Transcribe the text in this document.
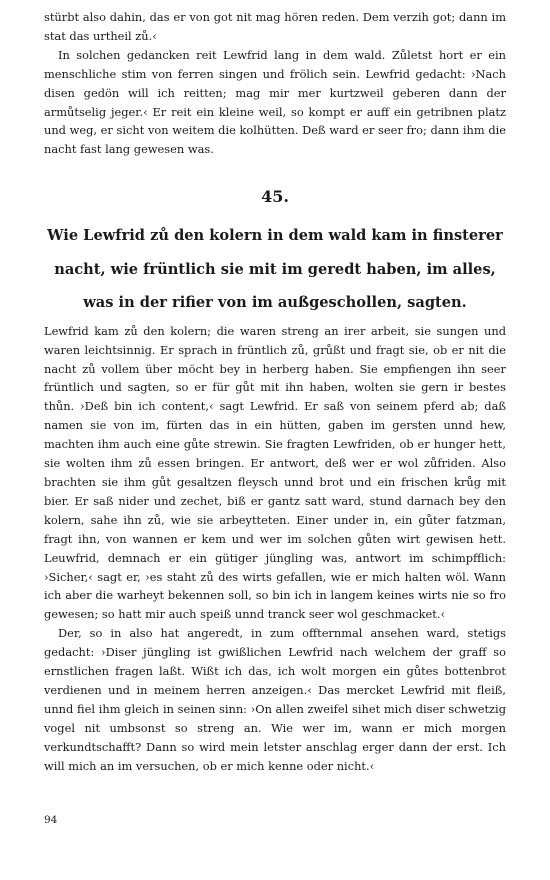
stürbt also dahin, das er von got nit mag hören reden. Dem verzih got; dann im stat das urtheil zů.‹

In solchen gedancken reit Lewfrid lang in dem wald. Zůletst hort er ein menschliche stim von ferren singen und frölich sein. Lewfrid gedacht: ›Nach disen gedön will ich reitten; mag mir mer kurtzweil geberen dann der armůtselig jeger.‹ Er reit ein kleine weil, so kompt er auff ein getribnen platz und weg, er sicht von weitem die kolhütten. Deß ward er seer fro; dann ihm die nacht fast lang gewesen was.

45.
Wie Lewfrid zů den kolern in dem wald kam in finsterer nacht, wie früntlich sie mit im geredt haben, im alles, was in der rifier von im außgeschollen, sagten.

Lewfrid kam zů den kolern; die waren streng an irer arbeit, sie sungen und waren leichtsinnig. Er sprach in früntlich zů, grůßt und fragt sie, ob er nit die nacht zů vollem über möcht bey in herberg haben. Sie empfiengen ihn seer früntlich und sagten, so er für gůt mit ihn haben, wolten sie gern ir bestes thůn. ›Deß bin ich content,‹ sagt Lewfrid. Er saß von seinem pferd ab; daß namen sie von im, fürten das in ein hütten, gaben im gersten unnd hew, machten ihm auch eine gůte strewin. Sie fragten Lewfriden, ob er hunger hett, sie wolten ihm zů essen bringen. Er antwort, deß wer er wol zůfriden. Also brachten sie ihm gůt gesaltzen fleysch unnd brot und ein frischen krůg mit bier. Er saß nider und zechet, biß er gantz satt ward, stund darnach bey den kolern, sahe ihn zů, wie sie arbeytteten. Einer under in, ein gůter fatzman, fragt ihn, von wannen er kem und wer im solchen gůten wirt gewisen hett. Leuwfrid, demnach er ein gütiger jüngling was, antwort im schimpfflich: ›Sicher,‹ sagt er, ›es staht zů des wirts gefallen, wie er mich halten wöl. Wann ich aber die warheyt bekennen soll, so bin ich in langem keines wirts nie so fro gewesen; so hatt mir auch speiß unnd tranck seer wol geschmacket.‹

Der, so in also hat angeredt, in zum offternmal ansehen ward, stetigs gedacht: ›Diser jüngling ist gwißlichen Lewfrid nach welchem der graff so ernstlichen fragen laßt. Wißt ich das, ich wolt morgen ein gůtes bottenbrot verdienen und in meinem herren anzeigen.‹ Das mercket Lewfrid mit fleiß, unnd fiel ihm gleich in seinen sinn: ›On allen zweifel sihet mich diser schwetzig vogel nit umbsonst so streng an. Wie wer im, wann er mich morgen verkundtschafft? Dann so wird mein letster anschlag erger dann der erst. Ich will mich an im versuchen, ob er mich kenne oder nicht.‹

94
